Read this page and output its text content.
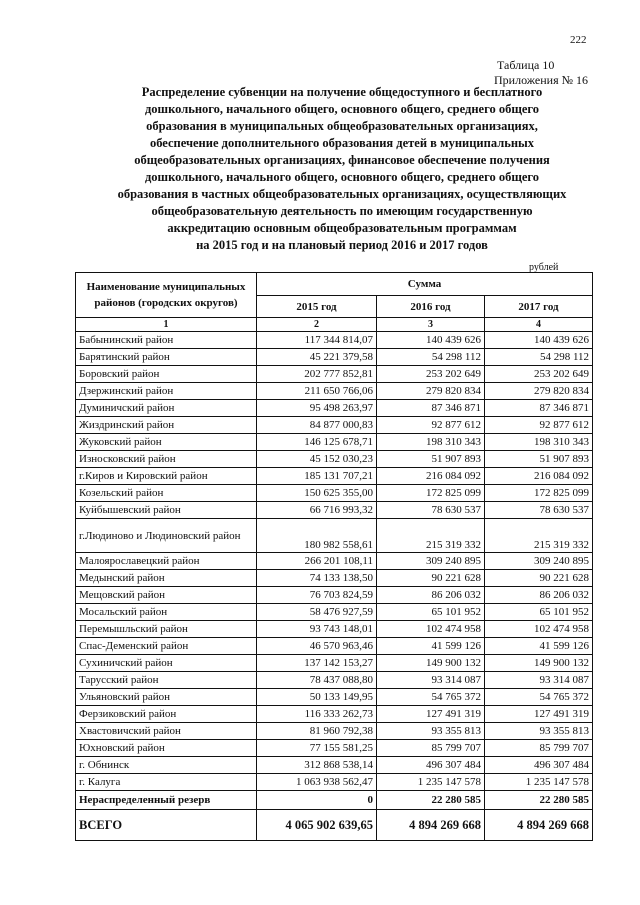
222
Таблица 10
Приложения № 16
Распределение субвенции на получение общедоступного и бесплатного
дошкольного, начального общего, основного общего, среднего общего
образования в муниципальных общеобразовательных организациях,
обеспечение дополнительного образования детей в муниципальных
общеобразовательных организациях, финансовое обеспечение получения
дошкольного, начального общего, основного общего, среднего общего
образования в частных общеобразовательных организациях, осуществляющих
общеобразовательную деятельность по имеющим государственную
аккредитацию основным общеобразовательным программам
на 2015 год и на плановый период 2016 и 2017 годов
рублей
Наименование муниципальных районов (городских округов)	Сумма		
	2015 год	2016 год	2017 год
1	2	3	4
Бабынинский район	117 344 814,07	140 439 626	140 439 626
Барятинский район	45 221 379,58	54 298 112	54 298 112
Боровский район	202 777 852,81	253 202 649	253 202 649
Дзержинский район	211 650 766,06	279 820 834	279 820 834
Думиничский район	95 498 263,97	87 346 871	87 346 871
Жиздринский район	84 877 000,83	92 877 612	92 877 612
Жуковский район	146 125 678,71	198 310 343	198 310 343
Износковский район	45 152 030,23	51 907 893	51 907 893
г.Киров и Кировский район	185 131 707,21	216 084 092	216 084 092
Козельский район	150 625 355,00	172 825 099	172 825 099
Куйбышевский район	66 716 993,32	78 630 537	78 630 537
г.Людиново и Людиновский район	180 982 558,61	215 319 332	215 319 332
Малоярославецкий район	266 201 108,11	309 240 895	309 240 895
Медынский район	74 133 138,50	90 221 628	90 221 628
Мещовский район	76 703 824,59	86 206 032	86 206 032
Мосальский район	58 476 927,59	65 101 952	65 101 952
Перемышльский район	93 743 148,01	102 474 958	102 474 958
Спас-Деменский район	46 570 963,46	41 599 126	41 599 126
Сухиничский район	137 142 153,27	149 900 132	149 900 132
Тарусский район	78 437 088,80	93 314 087	93 314 087
Ульяновский район	50 133 149,95	54 765 372	54 765 372
Ферзиковский район	116 333 262,73	127 491 319	127 491 319
Хвастовичский район	81 960 792,38	93 355 813	93 355 813
Юхновский район	77 155 581,25	85 799 707	85 799 707
г. Обнинск	312 868 538,14	496 307 484	496 307 484
г. Калуга	1 063 938 562,47	1 235 147 578	1 235 147 578
Нераспределенный резерв	0	22 280 585	22 280 585
ВСЕГО	4 065 902 639,65	4 894 269 668	4 894 269 668
